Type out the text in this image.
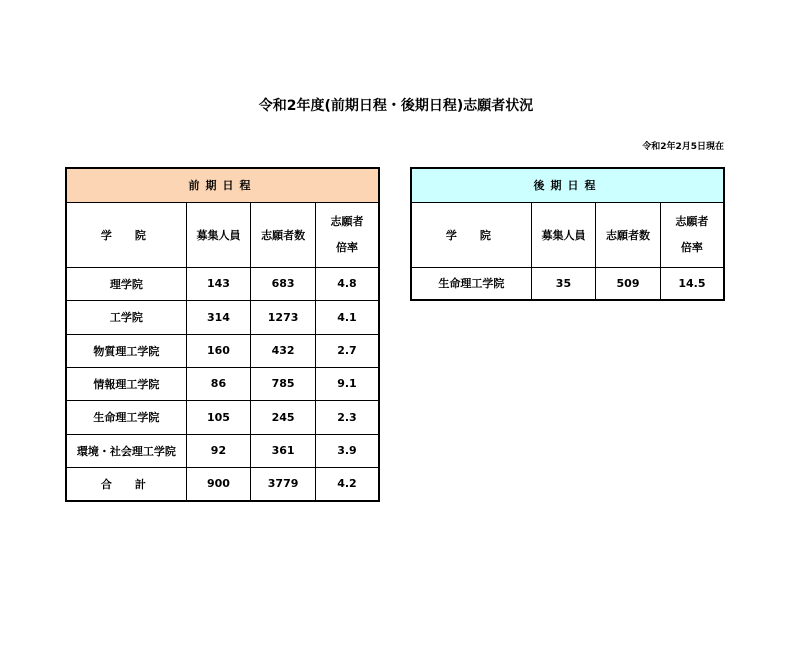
令和2年度(前期日程・後期日程)志願者状況
令和2年2月5日現在
前期日程			
学　院	募集人員	志願者数	志願者
倍率

理学院	143	683	4.8
工学院	314	1273	4.1
物質理工学院	160	432	2.7
情報理工学院	86	785	9.1
生命理工学院	105	245	2.3
環境・社会理工学院	92	361	3.9
合　計	900	3779	4.2
後期日程			
学　院	募集人員	志願者数	志願者
倍率

生命理工学院	35	509	14.5
